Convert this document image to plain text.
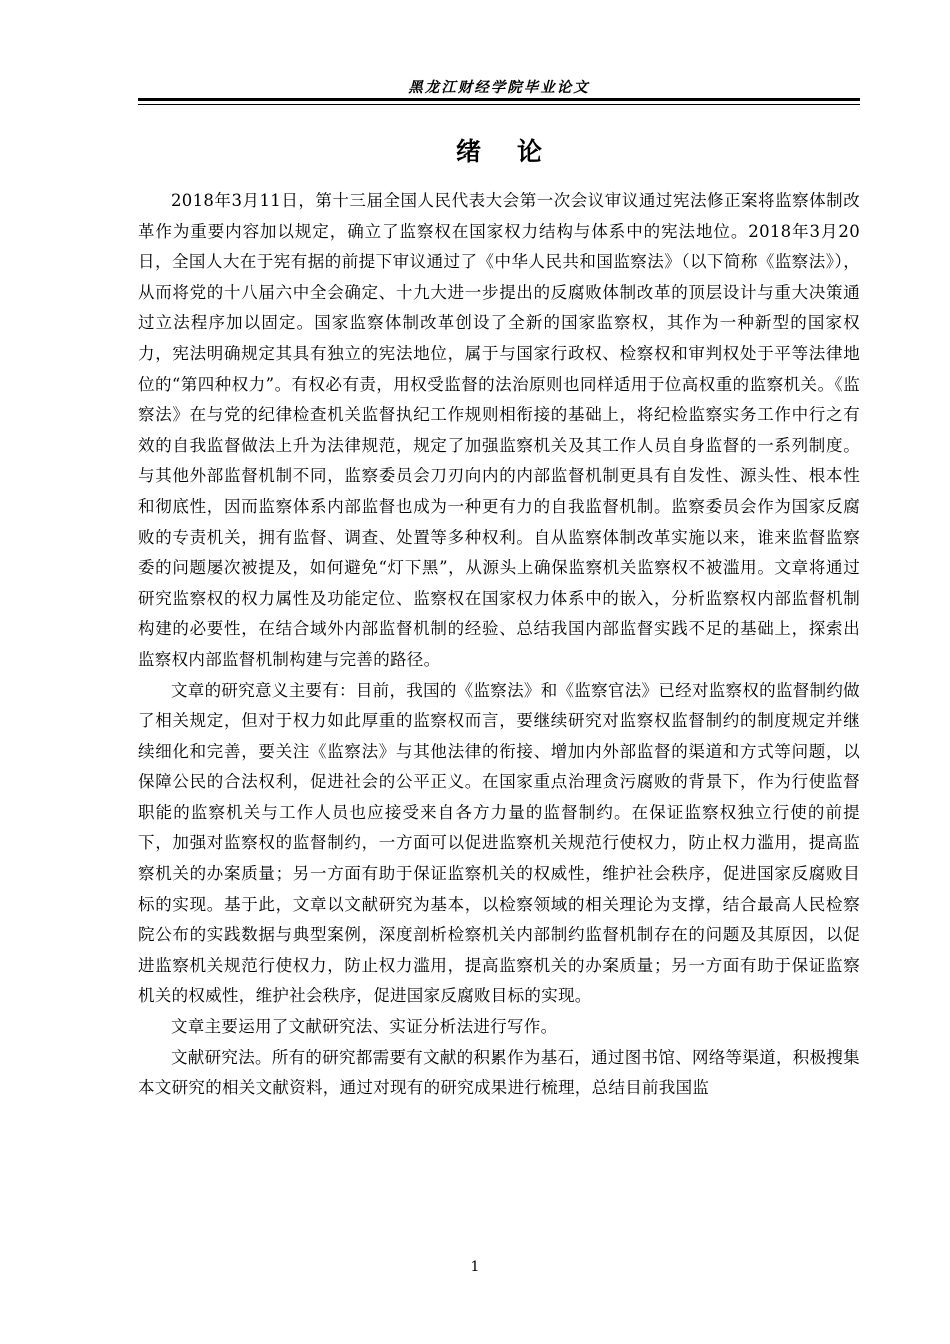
黑龙江财经学院毕业论文
绪论

2018年3月11日，第十三届全国人民代表大会第一次会议审议通过宪法修正案将监察体制改革作为重要内容加以规定，确立了监察权在国家权力结构与体系中的宪法地位。2018年3月20日，全国人大在于宪有据的前提下审议通过了《中华人民共和国监察法》（以下简称《监察法》），从而将党的十八届六中全会确定、十九大进一步提出的反腐败体制改革的顶层设计与重大决策通过立法程序加以固定。国家监察体制改革创设了全新的国家监察权，其作为一种新型的国家权力，宪法明确规定其具有独立的宪法地位，属于与国家行政权、检察权和审判权处于平等法律地位的“第四种权力”。有权必有责，用权受监督的法治原则也同样适用于位高权重的监察机关。《监察法》在与党的纪律检查机关监督执纪工作规则相衔接的基础上，将纪检监察实务工作中行之有效的自我监督做法上升为法律规范，规定了加强监察机关及其工作人员自身监督的一系列制度。与其他外部监督机制不同，监察委员会刀刃向内的内部监督机制更具有自发性、源头性、根本性和彻底性，因而监察体系内部监督也成为一种更有力的自我监督机制。监察委员会作为国家反腐败的专责机关，拥有监督、调查、处置等多种权利。自从监察体制改革实施以来，谁来监督监察委的问题屡次被提及，如何避免“灯下黑”，从源头上确保监察机关监察权不被滥用。文章将通过研究监察权的权力属性及功能定位、监察权在国家权力体系中的嵌入，分析监察权内部监督机制构建的必要性，在结合域外内部监督机制的经验、总结我国内部监督实践不足的基础上，探索出监察权内部监督机制构建与完善的路径。

文章的研究意义主要有：目前，我国的《监察法》和《监察官法》已经对监察权的监督制约做了相关规定，但对于权力如此厚重的监察权而言，要继续研究对监察权监督制约的制度规定并继续细化和完善，要关注《监察法》与其他法律的衔接、增加内外部监督的渠道和方式等问题，以保障公民的合法权利，促进社会的公平正义。在国家重点治理贪污腐败的背景下，作为行使监督职能的监察机关与工作人员也应接受来自各方力量的监督制约。在保证监察权独立行使的前提下，加强对监察权的监督制约，一方面可以促进监察机关规范行使权力，防止权力滥用，提高监察机关的办案质量；另一方面有助于保证监察机关的权威性，维护社会秩序，促进国家反腐败目标的实现。基于此，文章以文献研究为基本，以检察领域的相关理论为支撑，结合最高人民检察院公布的实践数据与典型案例，深度剖析检察机关内部制约监督机制存在的问题及其原因，以促进监察机关规范行使权力，防止权力滥用，提高监察机关的办案质量；另一方面有助于保证监察机关的权威性，维护社会秩序，促进国家反腐败目标的实现。

文章主要运用了文献研究法、实证分析法进行写作。

文献研究法。所有的研究都需要有文献的积累作为基石，通过图书馆、网络等渠道，积极搜集本文研究的相关文献资料，通过对现有的研究成果进行梳理，总结目前我国监

1
